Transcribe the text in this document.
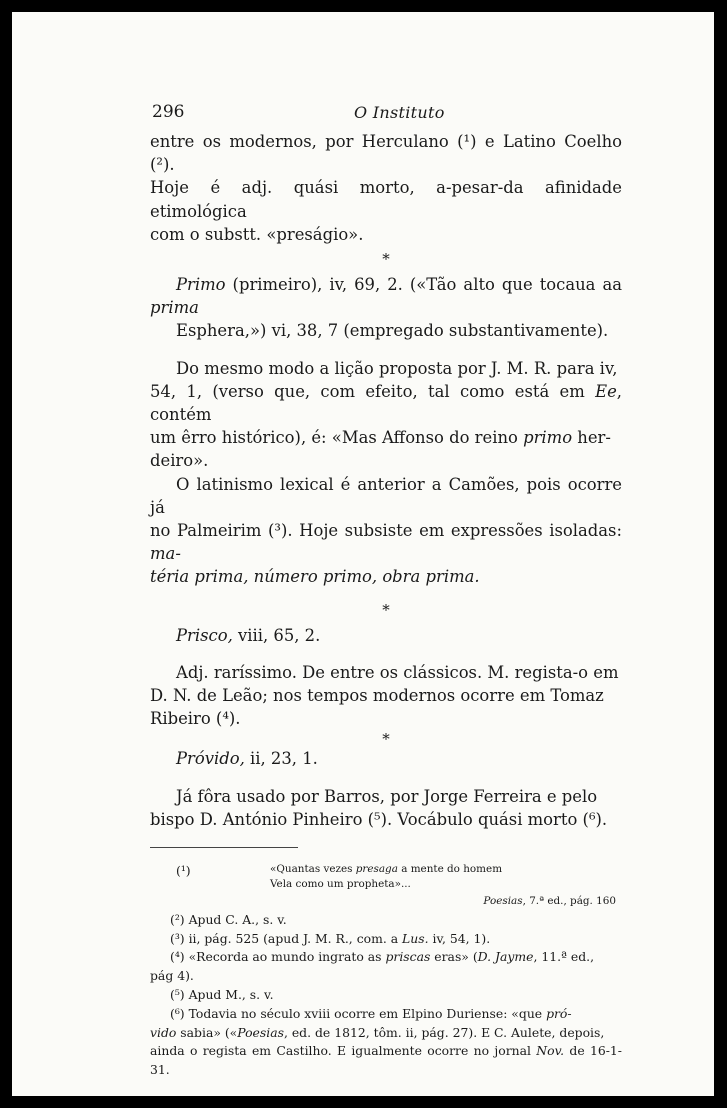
296	O Instituto

entre os modernos, por Herculano (¹) e Latino Coelho (²).
Hoje é adj. quási morto, a-pesar-da afinidade etimológica
com o substt. «preságio».

*

Primo (primeiro), iv, 69, 2. («Tão alto que tocaua aa prima
Esphera,») vi, 38, 7 (empregado substantivamente).

Do mesmo modo a lição proposta por J. M. R. para iv,
54, 1, (verso que, com efeito, tal como está em Ee, contém
um êrro histórico), é: «Mas Affonso do reino primo her-
deiro».

O latinismo lexical é anterior a Camões, pois ocorre já
no Palmeirim (³). Hoje subsiste em expressões isoladas: ma-
téria prima, número primo, obra prima.

*

Prisco, viii, 65, 2.

Adj. raríssimo. De entre os clássicos. M. regista-o em
D. N. de Leão; nos tempos modernos ocorre em Tomaz
Ribeiro (⁴).

*

Próvido, ii, 23, 1.

Já fôra usado por Barros, por Jorge Ferreira e pelo
bispo D. António Pinheiro (⁵). Vocábulo quási morto (⁶).

(¹)	«Quantas vezes presaga a mente do homem
Vela como um propheta»...
Poesias, 7.ª ed., pág. 160

(²) Apud C. A., s. v.

(³) ii, pág. 525 (apud J. M. R., com. a Lus. iv, 54, 1).

(⁴) «Recorda ao mundo ingrato as priscas eras» (D. Jayme, 11.ª ed.,
pág 4).

(⁵) Apud M., s. v.

(⁶) Todavia no século xviii ocorre em Elpino Duriense: «que pró-
vido sabia» («Poesias, ed. de 1812, tôm. ii, pág. 27). E C. Aulete, depois,
ainda o regista em Castilho. E igualmente ocorre no jornal Nov. de 16-1-31.
